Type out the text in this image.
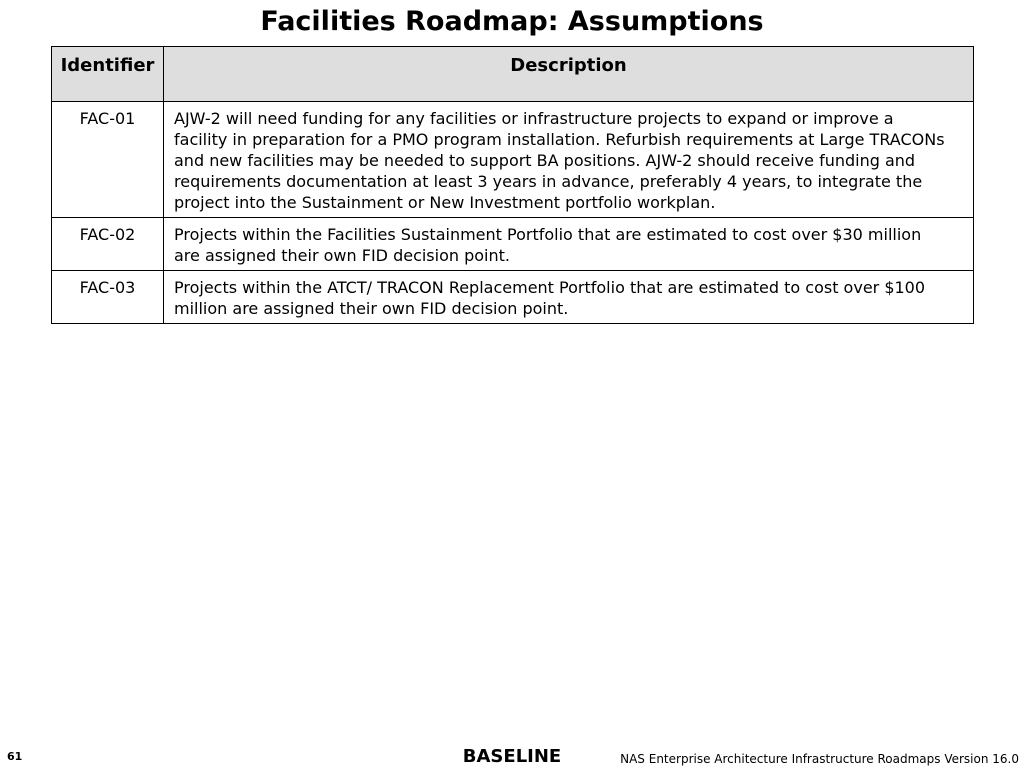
Facilities Roadmap: Assumptions
Identifier	Description
FAC-01	AJW-2 will need funding for any facilities or infrastructure projects to expand or improve a facility in preparation for a PMO program installation. Refurbish requirements at Large TRACONs and new facilities may be needed to support BA positions. AJW-2 should receive funding and requirements documentation at least 3 years in advance, preferably 4 years, to integrate the project into the Sustainment or New Investment portfolio workplan.
FAC-02	Projects within the Facilities Sustainment Portfolio that are estimated to cost over $30 million are assigned their own FID decision point.
FAC-03	Projects within the ATCT/ TRACON Replacement Portfolio that are estimated to cost over $100 million are assigned their own FID decision point.
61	BASELINE	NAS Enterprise Architecture Infrastructure Roadmaps Version 16.0
